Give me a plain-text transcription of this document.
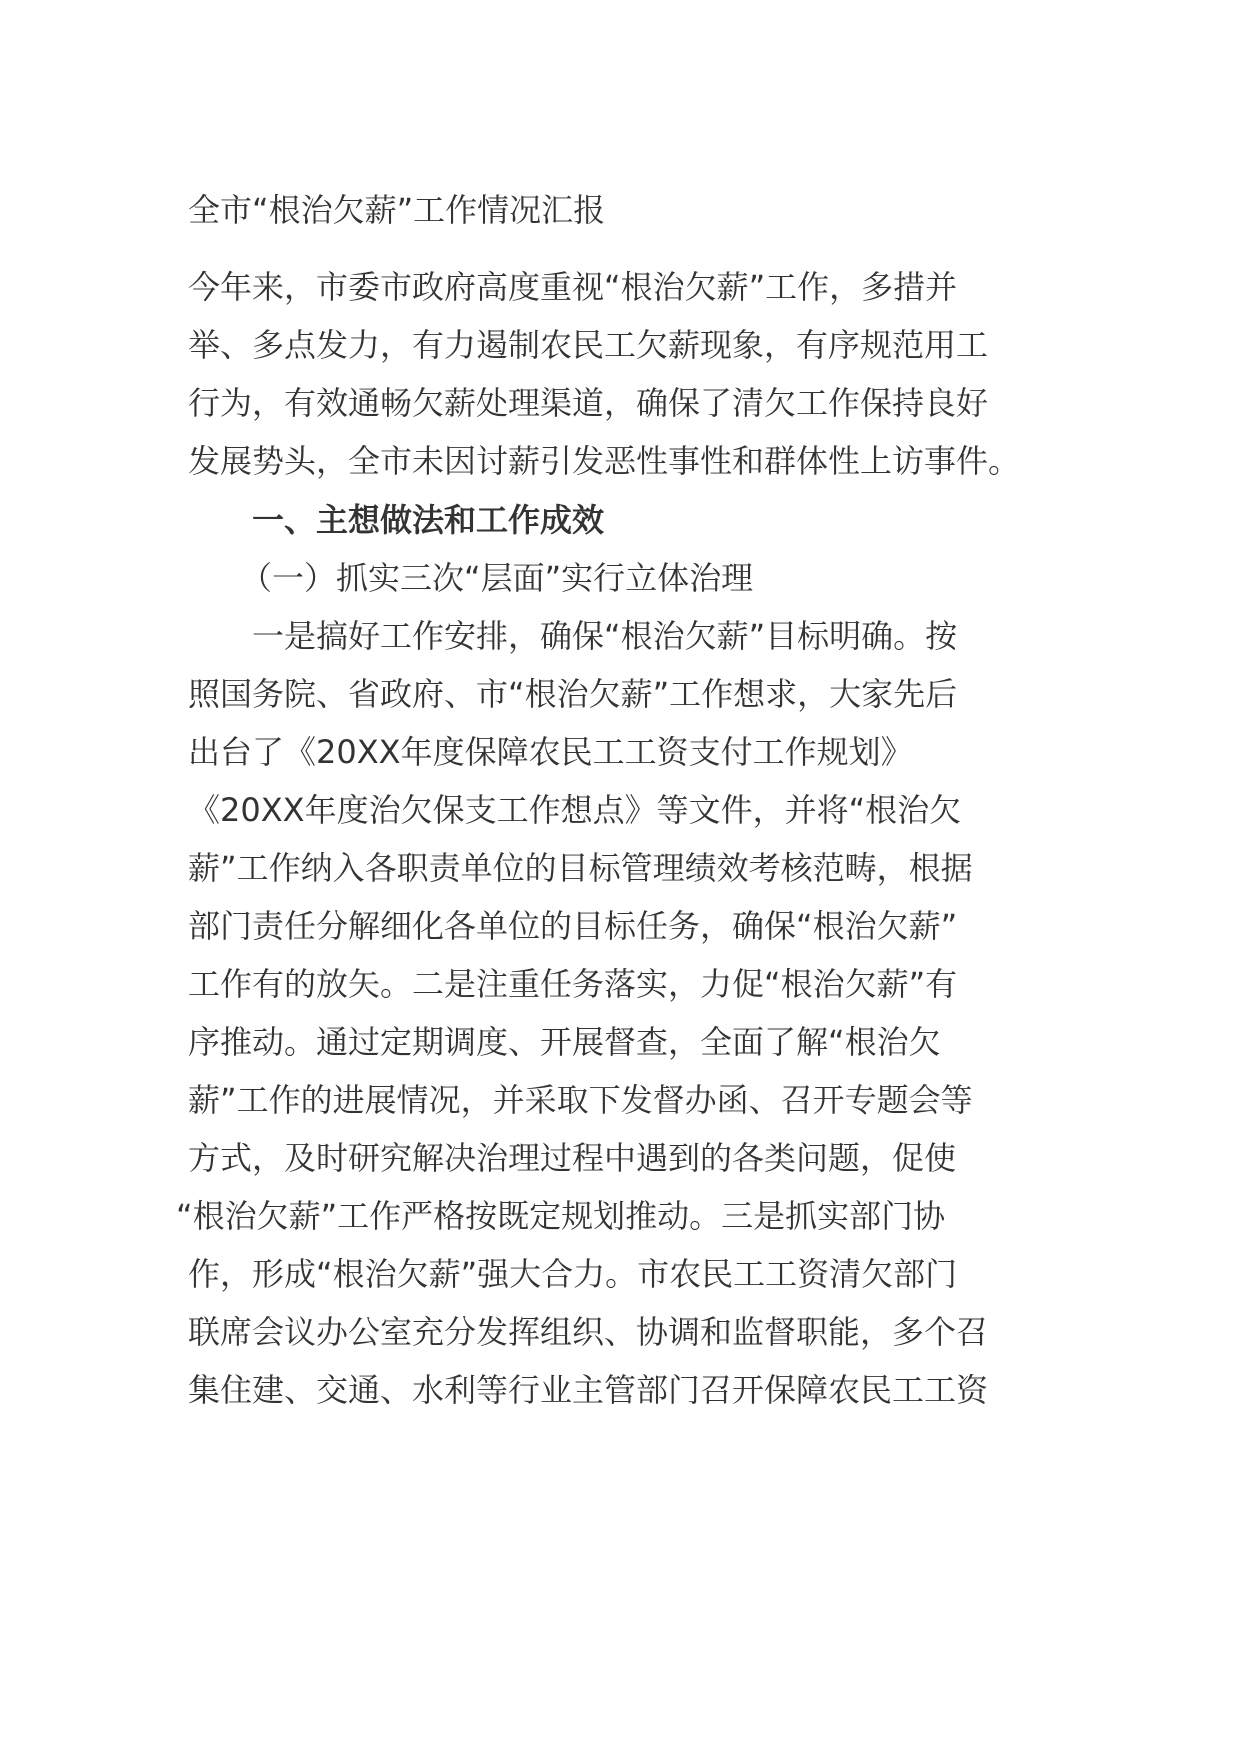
全市“根治欠薪”工作情况汇报
今年来，市委市政府高度重视“根治欠薪”工作，多措并
举、多点发力，有力遏制农民工欠薪现象，有序规范用工
行为，有效通畅欠薪处理渠道，确保了清欠工作保持良好
发展势头，全市未因讨薪引发恶性事性和群体性上访事件。
一、主想做法和工作成效
（一）抓实三次“层面”实行立体治理
一是搞好工作安排，确保“根治欠薪”目标明确。按
照国务院、省政府、市“根治欠薪”工作想求，大家先后
出台了《20XX年度保障农民工工资支付工作规划》
《20XX年度治欠保支工作想点》等文件，并将“根治欠
薪”工作纳入各职责单位的目标管理绩效考核范畴，根据
部门责任分解细化各单位的目标任务，确保“根治欠薪”
工作有的放矢。二是注重任务落实，力促“根治欠薪”有
序推动。通过定期调度、开展督查，全面了解“根治欠
薪”工作的进展情况，并采取下发督办函、召开专题会等
方式，及时研究解决治理过程中遇到的各类问题，促使
“根治欠薪”工作严格按既定规划推动。三是抓实部门协
作，形成“根治欠薪”强大合力。市农民工工资清欠部门
联席会议办公室充分发挥组织、协调和监督职能，多个召
集住建、交通、水利等行业主管部门召开保障农民工工资
